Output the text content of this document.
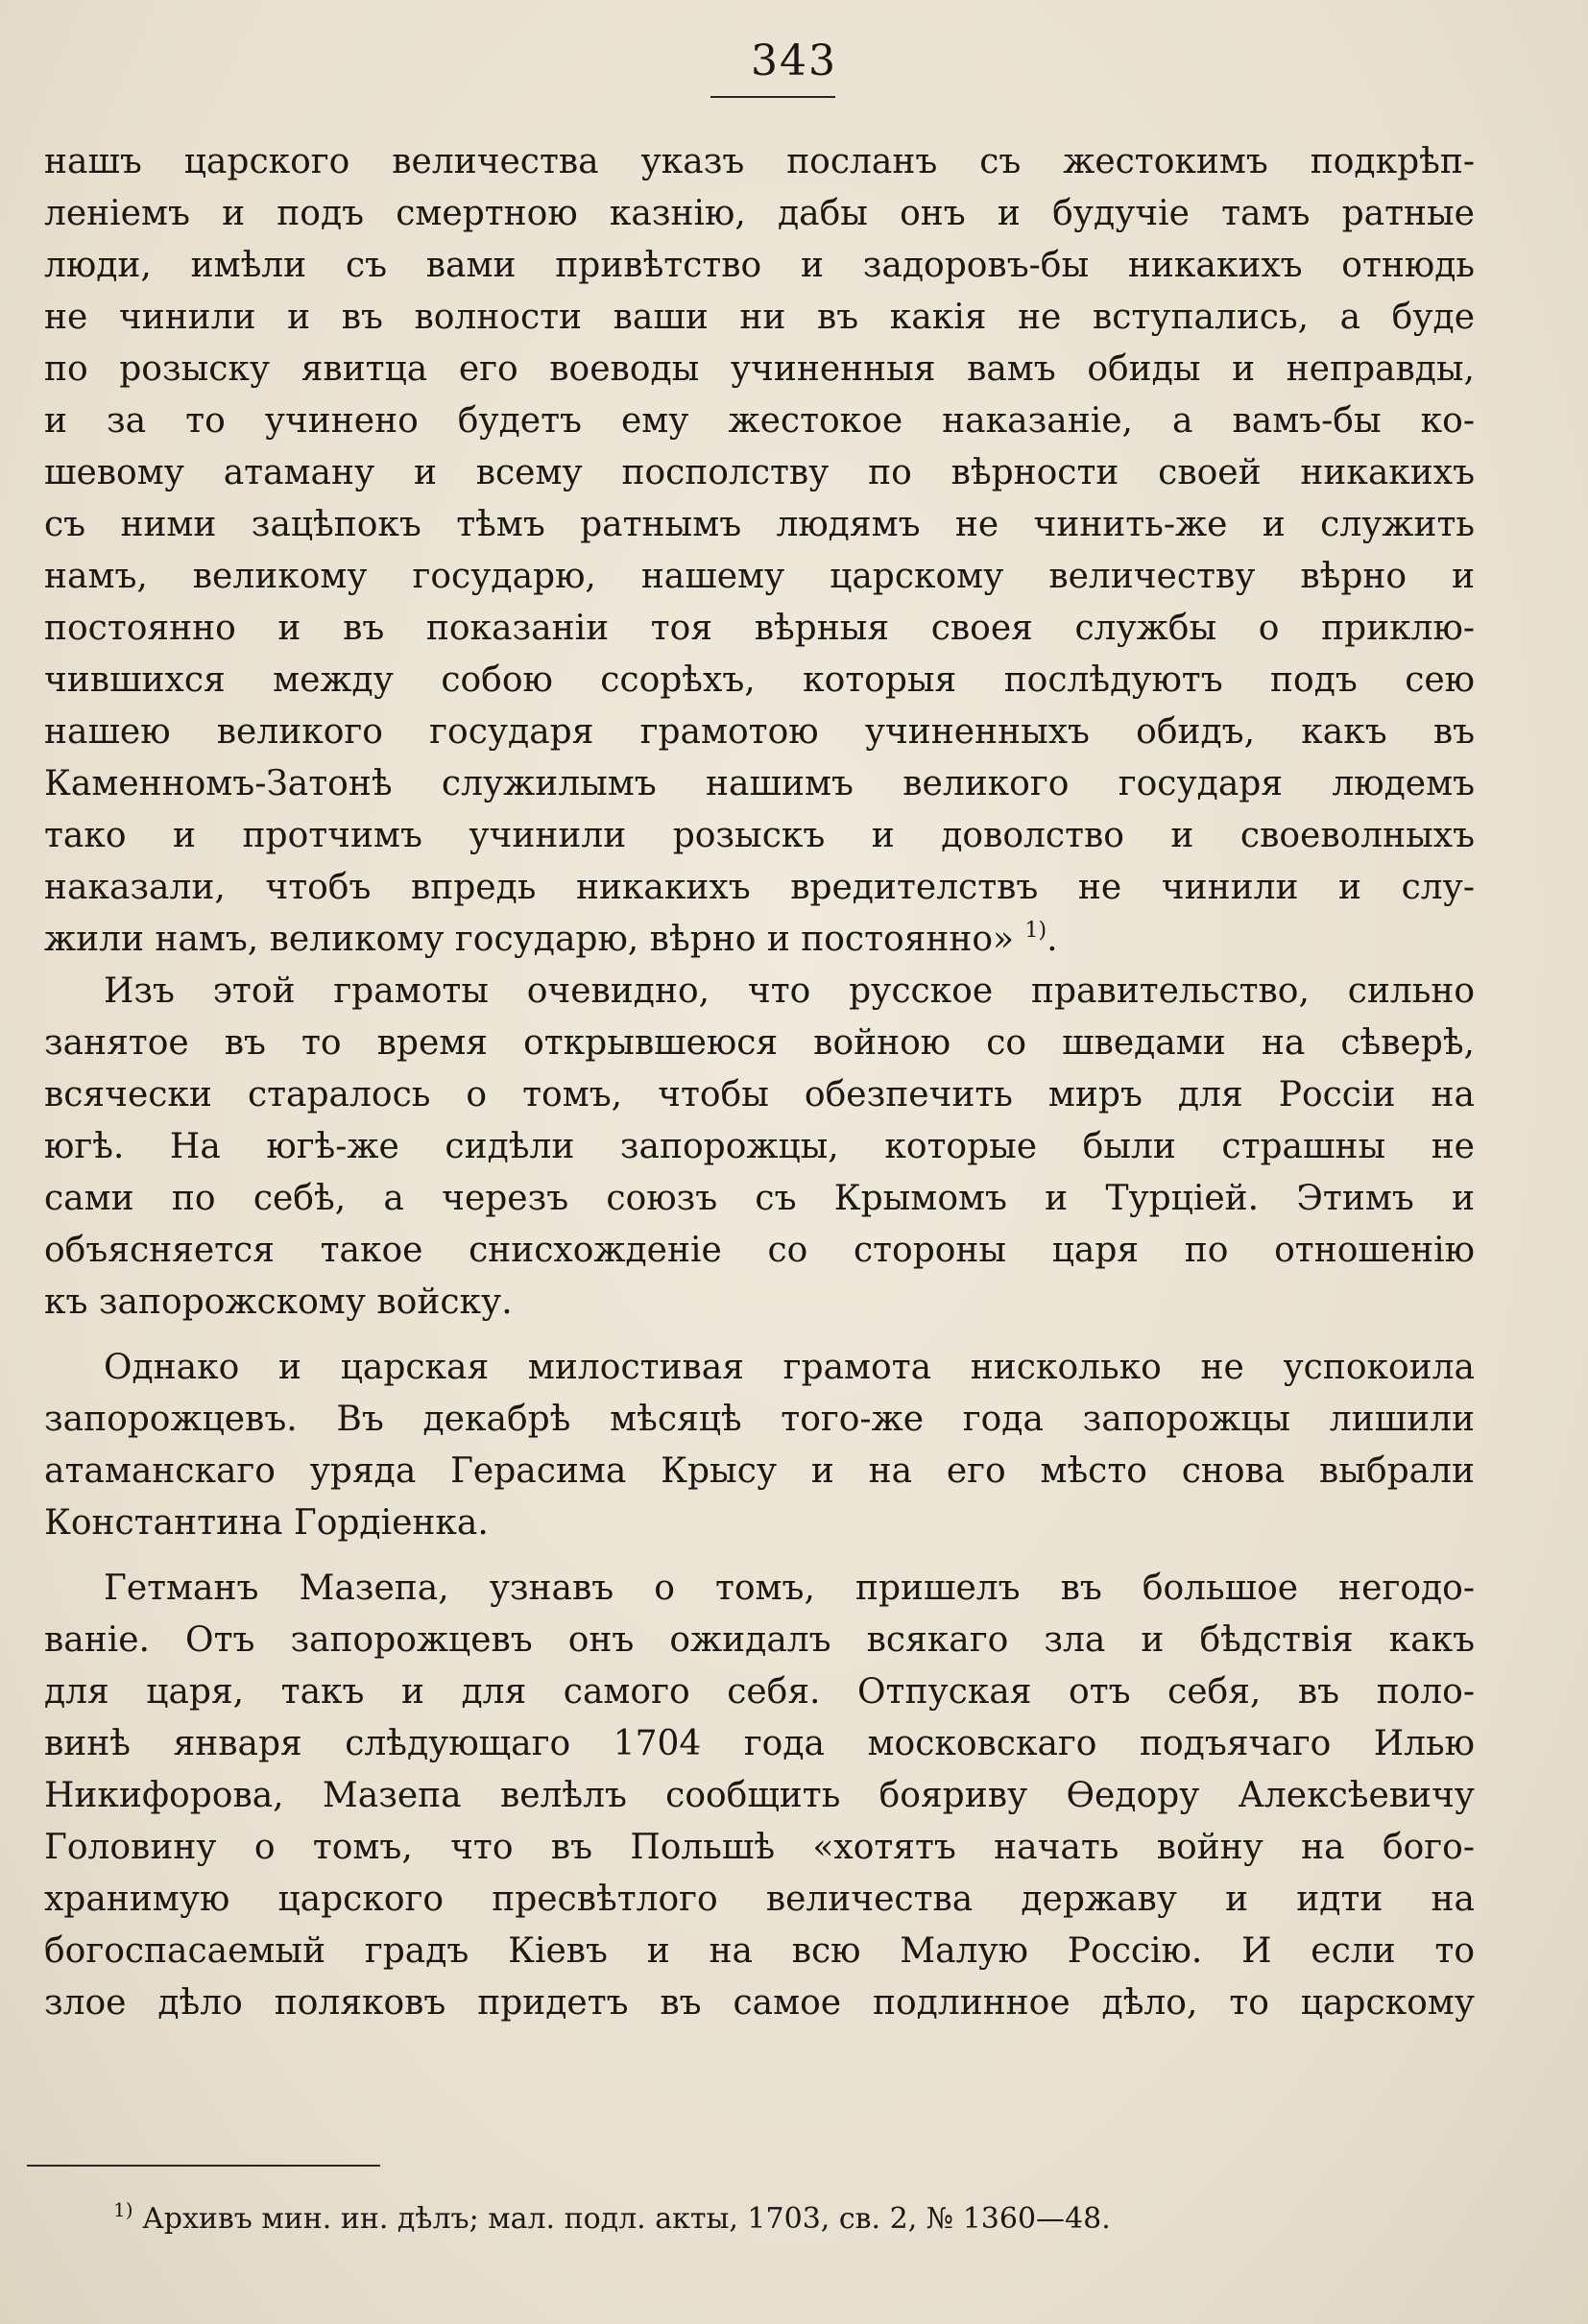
343
нашъ царского величества указъ посланъ съ жестокимъ подкрѣп-
ленiемъ и подъ смертною казнiю, дабы онъ и будучiе тамъ ратные
люди, имѣли съ вами привѣтство и задоровъ-бы никакихъ отнюдь
не чинили и въ волности ваши ни въ какiя не вступались, а буде
по розыску явитца его воеводы учиненныя вамъ обиды и неправды,
и за то учинено будетъ ему жестокое наказанiе, а вамъ-бы ко-
шевому атаману и всему посполству по вѣрности своей никакихъ
съ ними зацѣпокъ тѣмъ ратнымъ людямъ не чинить-же и служить
намъ, великому государю, нашему царскому величеству вѣрно и
постоянно и въ показанiи тоя вѣрныя своея службы о приклю-
чившихся между собою ссорѣхъ, которыя послѣдуютъ подъ сею
нашею великого государя грамотою учиненныхъ обидъ, какъ въ
Каменномъ-Затонѣ служилымъ нашимъ великого государя людемъ
тако и протчимъ учинили розыскъ и доволство и своеволныхъ
наказали, чтобъ впредь никакихъ вредителствъ не чинили и слу-
жили намъ, великому государю, вѣрно и постоянно» $^{1)}$.
Изъ этой грамоты очевидно, что русское правительство, сильно
занятое въ то время открывшеюся войною со шведами на сѣверѣ,
всячески старалось о томъ, чтобы обезпечить миръ для Россiи на
югѣ. На югѣ-же сидѣли запорожцы, которые были страшны не
сами по себѣ, а черезъ союзъ съ Крымомъ и Турцiей. Этимъ и
объясняется такое снисхожденiе со стороны царя по отношенiю
къ запорожскому войску.
Однако и царская милостивая грамота нисколько не успокоила
запорожцевъ. Въ декабрѣ мѣсяцѣ того-же года запорожцы лишили
атаманскаго уряда Герасима Крысу и на его мѣсто снова выбрали
Константина Гордiенка.
Гетманъ Мазепа, узнавъ о томъ, пришелъ въ большое негодо-
ванiе. Отъ запорожцевъ онъ ожидалъ всякаго зла и бѣдствiя какъ
для царя, такъ и для самого себя. Отпуская отъ себя, въ поло-
винѣ января слѣдующаго 1704 года московскаго подъячаго Илью
Никифорова, Мазепа велѣлъ сообщить бояриву Өедору Алексѣевичу
Головину о томъ, что въ Польшѣ «хотятъ начать войну на бого-
хранимую царского пресвѣтлого величества державу и идти на
богоспасаемый градъ Кiевъ и на всю Малую Россiю. И если то
злое дѣло поляковъ придетъ въ самое подлинное дѣло, то царскому
$^{1)}$ Архивъ мин. ин. дѣлъ; мал. подл. акты, 1703, св. 2, № 1360—48.
